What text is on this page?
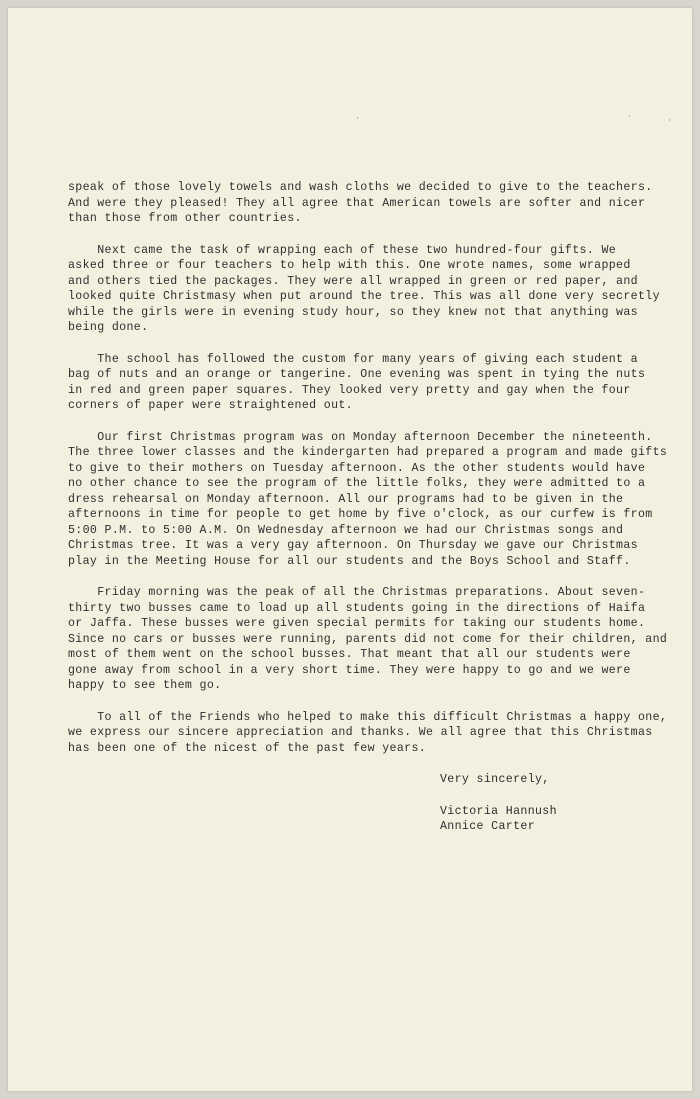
·	·	·

speak of those lovely towels and wash cloths we decided to give to the teachers.
And were they pleased! They all agree that American towels are softer and nicer
than those from other countries.

Next came the task of wrapping each of these two hundred-four gifts. We
asked three or four teachers to help with this. One wrote names, some wrapped
and others tied the packages. They were all wrapped in green or red paper, and
looked quite Christmasy when put around the tree. This was all done very secretly
while the girls were in evening study hour, so they knew not that anything was
being done.

The school has followed the custom for many years of giving each student a
bag of nuts and an orange or tangerine. One evening was spent in tying the nuts
in red and green paper squares. They looked very pretty and gay when the four
corners of paper were straightened out.

Our first Christmas program was on Monday afternoon December the nineteenth.
The three lower classes and the kindergarten had prepared a program and made gifts
to give to their mothers on Tuesday afternoon. As the other students would have
no other chance to see the program of the little folks, they were admitted to a
dress rehearsal on Monday afternoon. All our programs had to be given in the
afternoons in time for people to get home by five o'clock, as our curfew is from
5:00 P.M. to 5:00 A.M. On Wednesday afternoon we had our Christmas songs and
Christmas tree. It was a very gay afternoon. On Thursday we gave our Christmas
play in the Meeting House for all our students and the Boys School and Staff.

Friday morning was the peak of all the Christmas preparations. About seven-
thirty two busses came to load up all students going in the directions of Haifa
or Jaffa. These busses were given special permits for taking our students home.
Since no cars or busses were running, parents did not come for their children, and
most of them went on the school busses. That meant that all our students were
gone away from school in a very short time. They were happy to go and we were
happy to see them go.

To all of the Friends who helped to make this difficult Christmas a happy one,
we express our sincere appreciation and thanks. We all agree that this Christmas
has been one of the nicest of the past few years.

Very sincerely,
Victoria Hannush
Annice Carter
